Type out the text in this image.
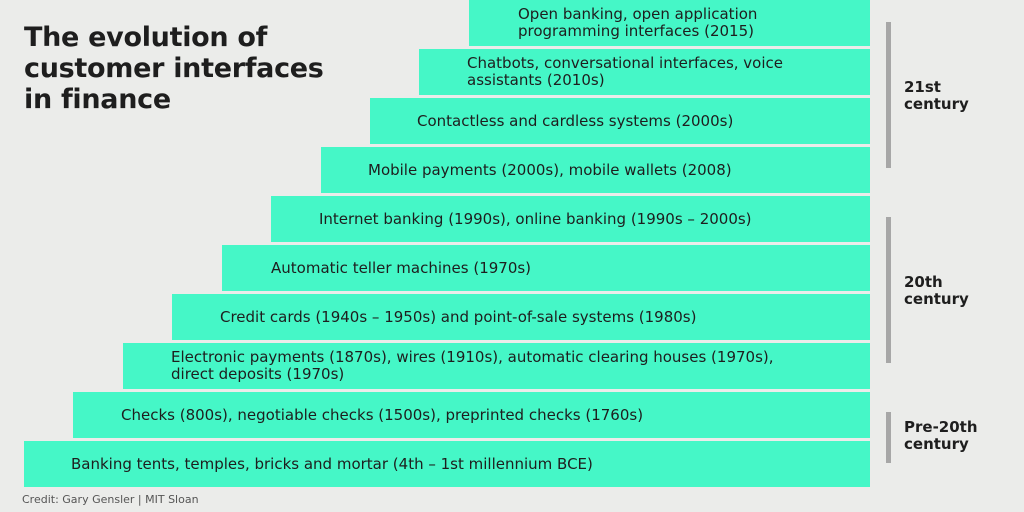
The evolution of
customer interfaces
in finance
Open banking, open application
programming interfaces (2015)
Chatbots, conversational interfaces, voice
assistants (2010s)
Contactless and cardless systems (2000s)
Mobile payments (2000s), mobile wallets (2008)
Internet banking (1990s), online banking (1990s – 2000s)
Automatic teller machines (1970s)
Credit cards (1940s – 1950s) and point-of-sale systems (1980s)
Electronic payments (1870s), wires (1910s), automatic clearing houses (1970s),
direct deposits (1970s)
Checks (800s), negotiable checks (1500s), preprinted checks (1760s)
Banking tents, temples, bricks and mortar (4th – 1st millennium BCE)
21st
century
20th
century
Pre-20th
century
Credit: Gary Gensler | MIT Sloan
